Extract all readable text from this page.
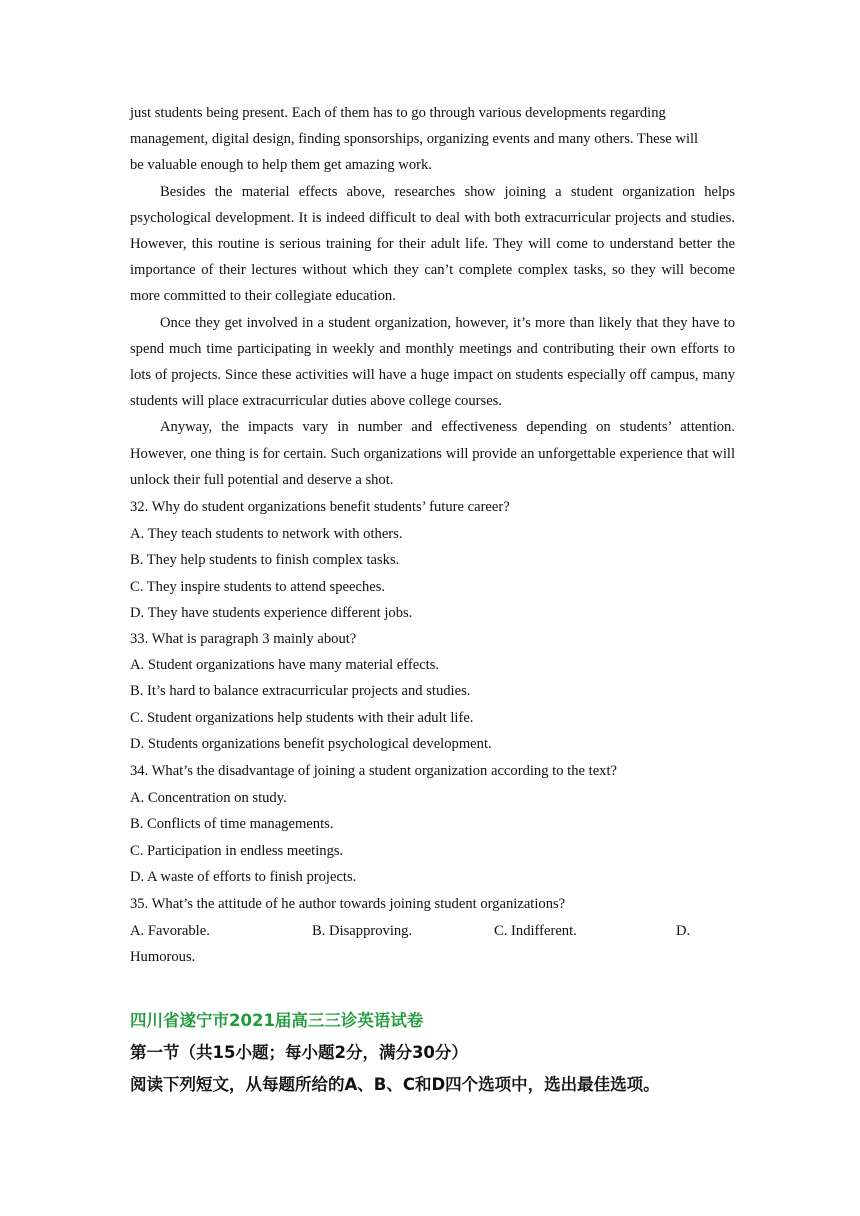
just students being present. Each of them has to go through various developments regarding

management, digital design, finding sponsorships, organizing events and many others. These will

be valuable enough to help them get amazing work.

Besides the material effects above, researches show joining a student organization helps psychological development. It is indeed difficult to deal with both extracurricular projects and studies. However, this routine is serious training for their adult life. They will come to understand better the importance of their lectures without which they can’t complete complex tasks, so they will become more committed to their collegiate education.

Once they get involved in a student organization, however, it’s more than likely that they have to spend much time participating in weekly and monthly meetings and contributing their own efforts to lots of projects. Since these activities will have a huge impact on students especially off campus, many students will place extracurricular duties above college courses.

Anyway, the impacts vary in number and effectiveness depending on students’ attention. However, one thing is for certain. Such organizations will provide an unforgettable experience that will unlock their full potential and deserve a shot.

32. Why do student organizations benefit students’ future career?

A. They teach students to network with others.

B. They help students to finish complex tasks.

C. They inspire students to attend speeches.

D. They have students experience different jobs.

33. What is paragraph 3 mainly about?

A. Student organizations have many material effects.

B. It’s hard to balance extracurricular projects and studies.

C. Student organizations help students with their adult life.

D. Students organizations benefit psychological development.

34. What’s the disadvantage of joining a student organization according to the text?

A. Concentration on study.

B. Conflicts of time managements.

C. Participation in endless meetings.

D. A waste of efforts to finish projects.

35. What’s the attitude of he author towards joining student organizations?

A. Favorable.	B. Disapproving.	C. Indifferent.	D.

Humorous.

四川省遂宁市2021届高三三诊英语试卷
第一节（共15小题；每小题2分，满分30分）
阅读下列短文，从每题所给的A、B、C和D四个选项中，选出最佳选项。
